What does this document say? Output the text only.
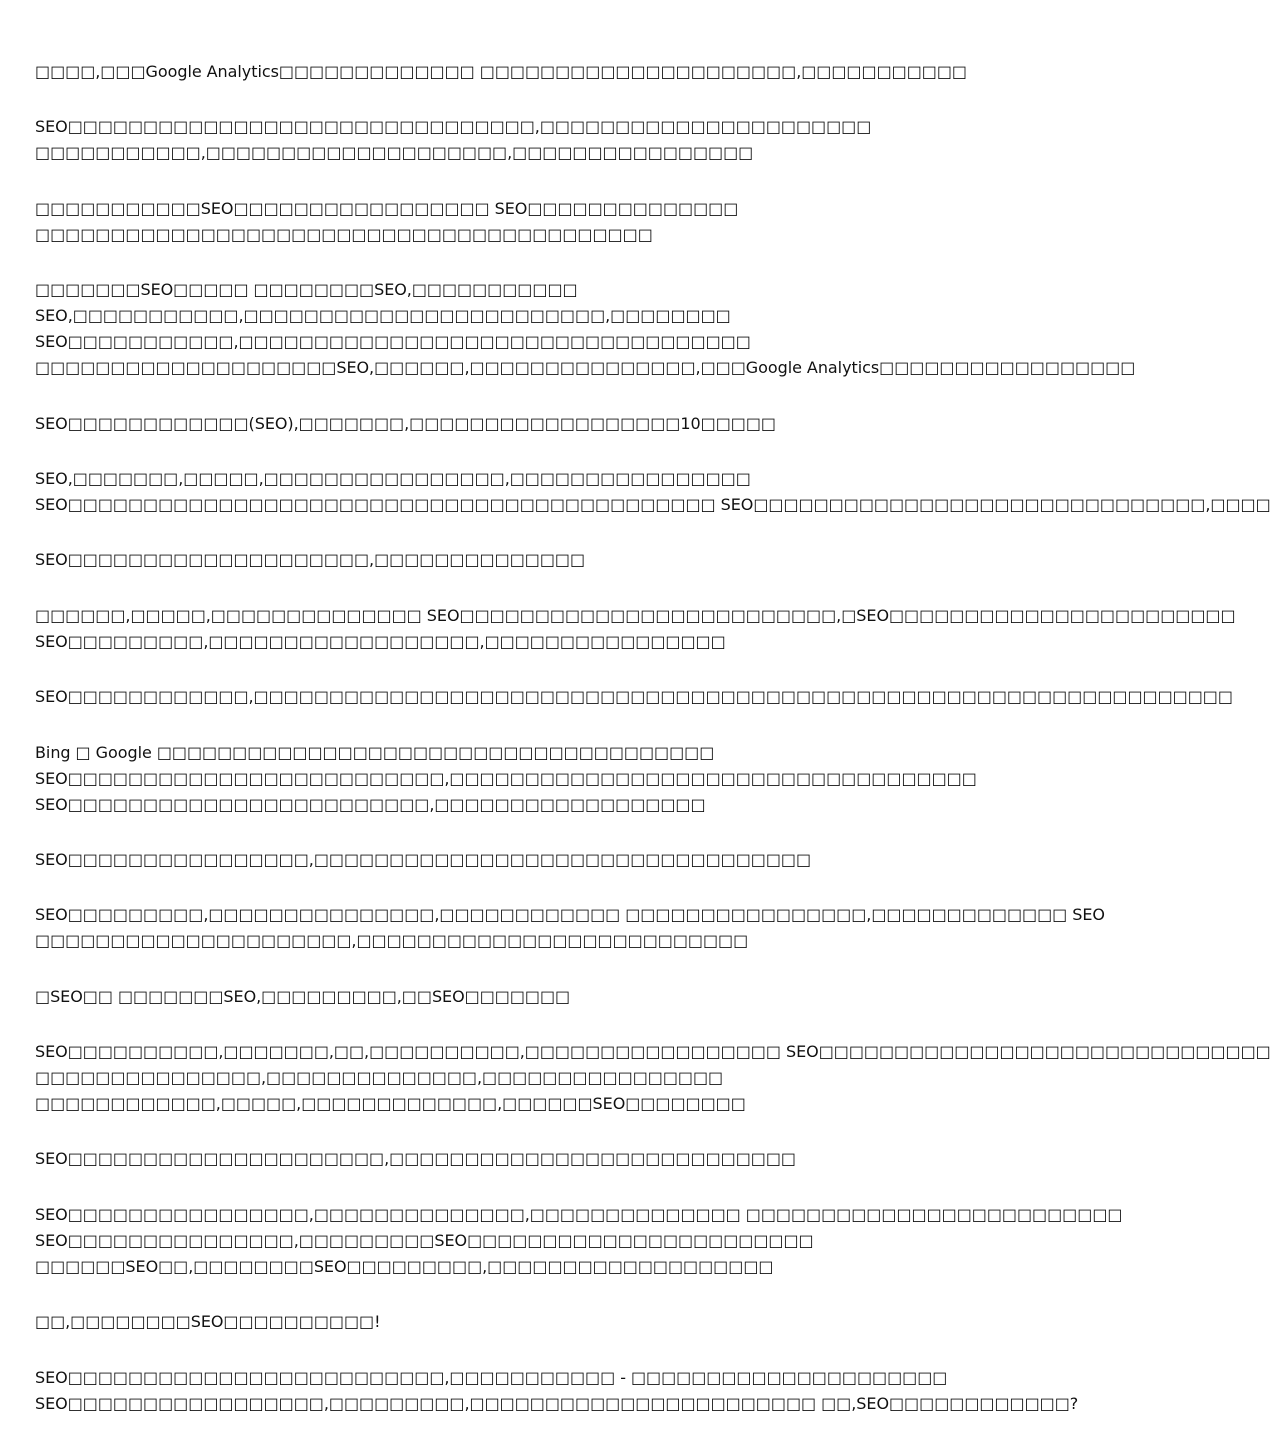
□□□□,□□□Google Analytics□□□□□□□□□□□□□ □□□□□□□□□□□□□□□□□□□□□,□□□□□□□□□□□
SEO□□□□□□□□□□□□□□□□□□□□□□□□□□□□□□□,□□□□□□□□□□□□□□□□□□□□□□
□□□□□□□□□□□,□□□□□□□□□□□□□□□□□□□□,□□□□□□□□□□□□□□□□
□□□□□□□□□□□SEO□□□□□□□□□□□□□□□□□ SEO□□□□□□□□□□□□□□
□□□□□□□□□□□□□□□□□□□□□□□□□□□□□□□□□□□□□□□□□
□□□□□□□SEO□□□□□ □□□□□□□□SEO,□□□□□□□□□□□
SEO,□□□□□□□□□□□,□□□□□□□□□□□□□□□□□□□□□□□□,□□□□□□□□
SEO□□□□□□□□□□□,□□□□□□□□□□□□□□□□□□□□□□□□□□□□□□□□□□
□□□□□□□□□□□□□□□□□□□□SEO,□□□□□□,□□□□□□□□□□□□□□□,□□□Google Analytics□□□□□□□□□□□□□□□□□
SEO□□□□□□□□□□□□(SEO),□□□□□□□,□□□□□□□□□□□□□□□□□□10□□□□□
SEO,□□□□□□□,□□□□□,□□□□□□□□□□□□□□□□,□□□□□□□□□□□□□□□□
SEO□□□□□□□□□□□□□□□□□□□□□□□□□□□□□□□□□□□□□□□□□□□ SEO□□□□□□□□□□□□□□□□□□□□□□□□□□□□□□,□□□□
SEO□□□□□□□□□□□□□□□□□□□□,□□□□□□□□□□□□□□
□□□□□□,□□□□□,□□□□□□□□□□□□□□ SEO□□□□□□□□□□□□□□□□□□□□□□□□□,□SEO□□□□□□□□□□□□□□□□□□□□□□□
SEO□□□□□□□□□,□□□□□□□□□□□□□□□□□□,□□□□□□□□□□□□□□□□
SEO□□□□□□□□□□□□,□□□□□□□□□□□□□□□□□□□□□□□□□□□□□□□□□□□□□□□□□□□□□□□□□□□□□□□□□□□□□□□□□
Bing □ Google □□□□□□□□□□□□□□□□□□□□□□□□□□□□□□□□□□□□□
SEO□□□□□□□□□□□□□□□□□□□□□□□□□,□□□□□□□□□□□□□□□□□□□□□□□□□□□□□□□□□□□
SEO□□□□□□□□□□□□□□□□□□□□□□□□,□□□□□□□□□□□□□□□□□□
SEO□□□□□□□□□□□□□□□□,□□□□□□□□□□□□□□□□□□□□□□□□□□□□□□□□□
SEO□□□□□□□□□,□□□□□□□□□□□□□□□,□□□□□□□□□□□□ □□□□□□□□□□□□□□□□,□□□□□□□□□□□□□ SEO
□□□□□□□□□□□□□□□□□□□□□,□□□□□□□□□□□□□□□□□□□□□□□□□□
□SEO□□ □□□□□□□SEO,□□□□□□□□□,□□SEO□□□□□□□
SEO□□□□□□□□□□,□□□□□□□,□□,□□□□□□□□□□,□□□□□□□□□□□□□□□□□ SEO□□□□□□□□□□□□□□□□□□□□□□□□□□□□□□
□□□□□□□□□□□□□□□,□□□□□□□□□□□□□□,□□□□□□□□□□□□□□□□
□□□□□□□□□□□□,□□□□□,□□□□□□□□□□□□□,□□□□□□SEO□□□□□□□□
SEO□□□□□□□□□□□□□□□□□□□□□,□□□□□□□□□□□□□□□□□□□□□□□□□□□
SEO□□□□□□□□□□□□□□□□,□□□□□□□□□□□□□□,□□□□□□□□□□□□□□ □□□□□□□□□□□□□□□□□□□□□□□□□
SEO□□□□□□□□□□□□□□□,□□□□□□□□□SEO□□□□□□□□□□□□□□□□□□□□□□□
□□□□□□SEO□□,□□□□□□□□SEO□□□□□□□□□,□□□□□□□□□□□□□□□□□□□
□□,□□□□□□□□SEO□□□□□□□□□□!
SEO□□□□□□□□□□□□□□□□□□□□□□□□□,□□□□□□□□□□□ - □□□□□□□□□□□□□□□□□□□□□
SEO□□□□□□□□□□□□□□□□□,□□□□□□□□□,□□□□□□□□□□□□□□□□□□□□□□□ □□,SEO□□□□□□□□□□□□?
